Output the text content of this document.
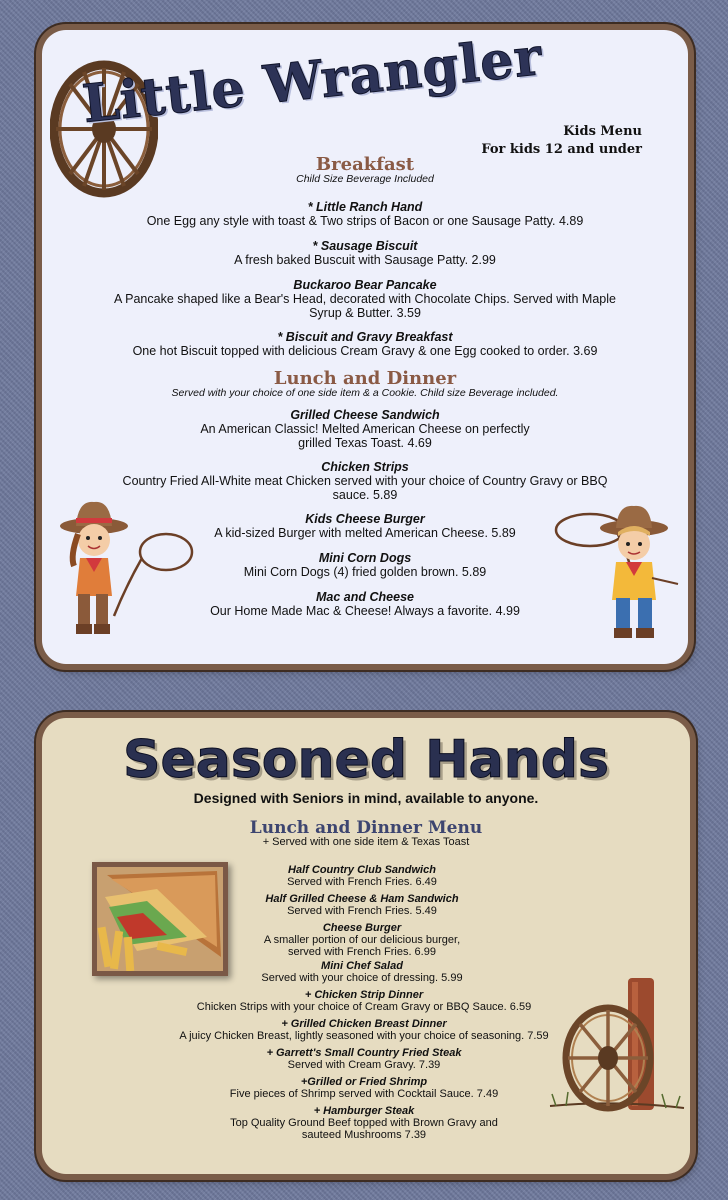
Little Wrangler	Kids Menu
For kids 12 and under
Breakfast
Child Size Beverage Included
* Little Ranch Hand
One Egg any style with toast & Two strips of Bacon or one Sausage Patty. 4.89
* Sausage Biscuit
A fresh baked Buscuit with Sausage Patty. 2.99
Buckaroo Bear Pancake
A Pancake shaped like a Bear's Head, decorated with Chocolate Chips. Served with Maple Syrup & Butter. 3.59
* Biscuit and Gravy Breakfast
One hot Biscuit topped with delicious Cream Gravy & one Egg cooked to order. 3.69
Lunch and Dinner
Served with your choice of one side item & a Cookie. Child size Beverage included.
Grilled Cheese Sandwich
An American Classic! Melted American Cheese on perfectly grilled Texas Toast. 4.69
Chicken Strips
Country Fried All-White meat Chicken served with your choice of Country Gravy or BBQ sauce. 5.89
Kids Cheese Burger
A kid-sized Burger with melted American Cheese. 5.89
Mini Corn Dogs
Mini Corn Dogs (4) fried golden brown. 5.89
Mac and Cheese
Our Home Made Mac & Cheese! Always a favorite. 4.99
Seasoned Hands
Designed with Seniors in mind, available to anyone.
Lunch and Dinner Menu
+ Served with one side item & Texas Toast
Half Country Club Sandwich
Served with French Fries. 6.49
Half Grilled Cheese & Ham Sandwich
Served with French Fries. 5.49
Cheese Burger
A smaller portion of our delicious burger, served with French Fries. 6.99
Mini Chef Salad
Served with your choice of dressing. 5.99
+ Chicken Strip Dinner
Chicken Strips with your choice of Cream Gravy or BBQ Sauce. 6.59
+ Grilled Chicken Breast Dinner
A juicy Chicken Breast, lightly seasoned with your choice of seasoning. 7.59
+ Garrett's Small Country Fried Steak
Served with Cream Gravy. 7.39
+Grilled or Fried Shrimp
Five pieces of Shrimp served with Cocktail Sauce. 7.49
+ Hamburger Steak
Top Quality Ground Beef topped with Brown Gravy and sauteed Mushrooms 7.39
